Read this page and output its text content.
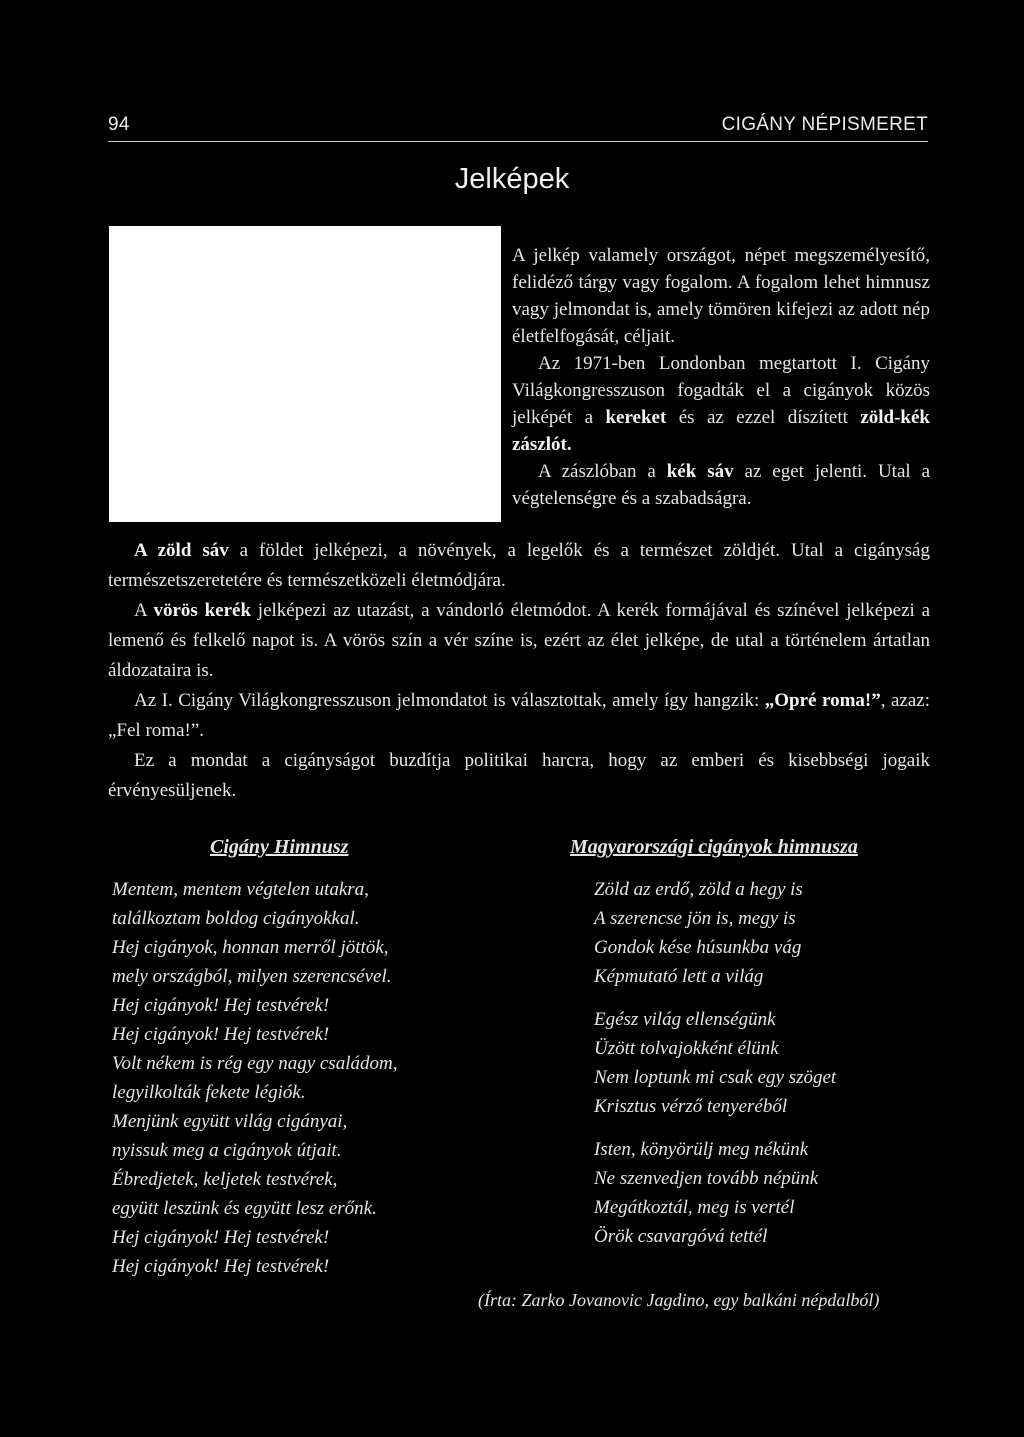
94	CIGÁNY NÉPISMERET
Jelképek

A jelkép valamely országot, népet megszemélyesítő, felidéző tárgy vagy fogalom. A fogalom lehet himnusz vagy jelmondat is, amely tömören kifejezi az adott nép életfelfogását, céljait.

Az 1971-ben Londonban megtartott I. Cigány Világkongresszuson fogadták el a cigányok közös jelképét a kereket és az ezzel díszített zöld-kék zászlót.

A zászlóban a kék sáv az eget jelenti. Utal a végtelenségre és a szabadságra.

A zöld sáv a földet jelképezi, a növények, a legelők és a természet zöldjét. Utal a cigányság természetszeretetére és természetközeli életmódjára.

A vörös kerék jelképezi az utazást, a vándorló életmódot. A kerék formájával és színével jelképezi a lemenő és felkelő napot is. A vörös szín a vér színe is, ezért az élet jelképe, de utal a történelem ártatlan áldozataira is.

Az I. Cigány Világkongresszuson jelmondatot is választottak, amely így hangzik: „Opré roma!”, azaz: „Fel roma!”.

Ez a mondat a cigányságot buzdítja politikai harcra, hogy az emberi és kisebbségi jogaik érvényesüljenek.

Cigány Himnusz
Mentem, mentem végtelen utakra,
találkoztam boldog cigányokkal.
Hej cigányok, honnan merről jöttök,
mely országból, milyen szerencsével.
Hej cigányok! Hej testvérek!
Hej cigányok! Hej testvérek!
Volt nékem is rég egy nagy családom,
legyilkolták fekete légiók.
Menjünk együtt világ cigányai,
nyissuk meg a cigányok útjait.
Ébredjetek, keljetek testvérek,
együtt leszünk és együtt lesz erőnk.
Hej cigányok! Hej testvérek!
Hej cigányok! Hej testvérek!
Magyarországi cigányok himnusza
Zöld az erdő, zöld a hegy is
A szerencse jön is, megy is
Gondok kése húsunkba vág
Képmutató lett a világ
Egész világ ellenségünk
Üzött tolvajokként élünk
Nem loptunk mi csak egy szöget
Krisztus vérző tenyeréből
Isten, könyörülj meg nékünk
Ne szenvedjen tovább népünk
Megátkoztál, meg is vertél
Örök csavargóvá tettél
(Írta: Zarko Jovanovic Jagdino, egy balkáni népdalból)
